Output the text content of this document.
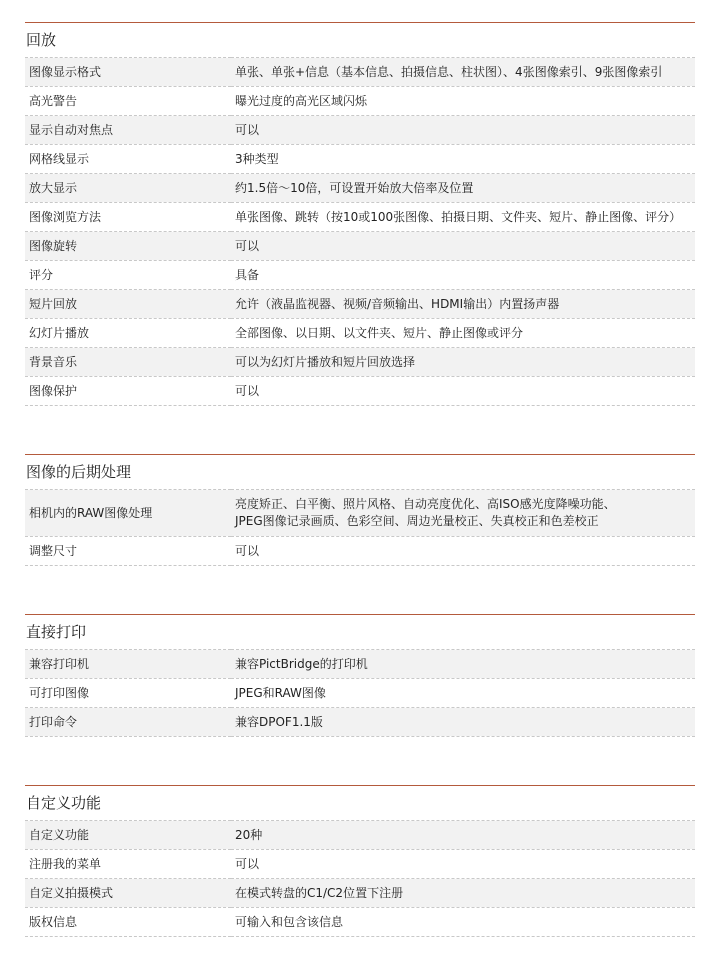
回放
图像显示格式	单张、单张+信息（基本信息、拍摄信息、柱状图）、4张图像索引、9张图像索引
高光警告	曝光过度的高光区域闪烁
显示自动对焦点	可以
网格线显示	3种类型
放大显示	约1.5倍～10倍，可设置开始放大倍率及位置
图像浏览方法	单张图像、跳转（按10或100张图像、拍摄日期、文件夹、短片、静止图像、评分）
图像旋转	可以
评分	具备
短片回放	允许（液晶监视器、视频/音频输出、HDMI输出）内置扬声器
幻灯片播放	全部图像、以日期、以文件夹、短片、静止图像或评分
背景音乐	可以为幻灯片播放和短片回放选择
图像保护	可以
图像的后期处理
相机内的RAW图像处理	亮度矫正、白平衡、照片风格、自动亮度优化、高ISO感光度降噪功能、
JPEG图像记录画质、色彩空间、周边光量校正、失真校正和色差校正
调整尺寸	可以
直接打印
兼容打印机	兼容PictBridge的打印机
可打印图像	JPEG和RAW图像
打印命令	兼容DPOF1.1版
自定义功能
自定义功能	20种
注册我的菜单	可以
自定义拍摄模式	在模式转盘的C1/C2位置下注册
版权信息	可输入和包含该信息
